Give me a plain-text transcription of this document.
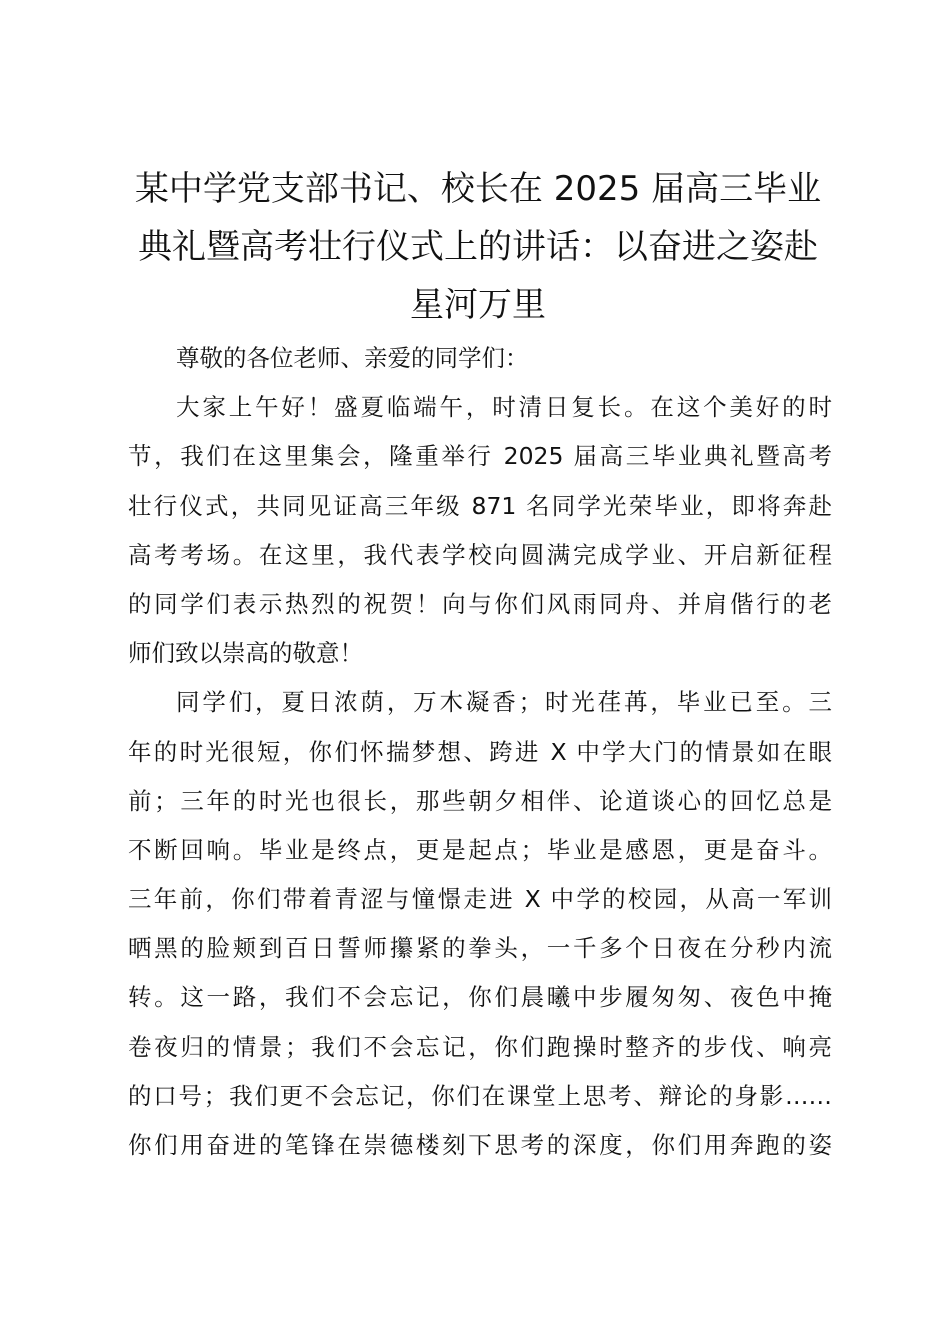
某中学党支部书记、校长在 2025 届高三毕业
典礼暨高考壮行仪式上的讲话：以奋进之姿赴
星河万里
尊敬的各位老师、亲爱的同学们：
大家上午好！盛夏临端午，时清日复长。在这个美好的时
节，我们在这里集会，隆重举行 2025 届高三毕业典礼暨高考
壮行仪式，共同见证高三年级 871 名同学光荣毕业，即将奔赴
高考考场。在这里，我代表学校向圆满完成学业、开启新征程
的同学们表示热烈的祝贺！向与你们风雨同舟、并肩偕行的老
师们致以崇高的敬意！
同学们，夏日浓荫，万木凝香；时光荏苒，毕业已至。三
年的时光很短，你们怀揣梦想、跨进 X 中学大门的情景如在眼
前；三年的时光也很长，那些朝夕相伴、论道谈心的回忆总是
不断回响。毕业是终点，更是起点；毕业是感恩，更是奋斗。
三年前，你们带着青涩与憧憬走进 X 中学的校园，从高一军训
晒黑的脸颊到百日誓师攥紧的拳头，一千多个日夜在分秒内流
转。这一路，我们不会忘记，你们晨曦中步履匆匆、夜色中掩
卷夜归的情景；我们不会忘记，你们跑操时整齐的步伐、响亮
的口号；我们更不会忘记，你们在课堂上思考、辩论的身影……
你们用奋进的笔锋在崇德楼刻下思考的深度，你们用奔跑的姿
